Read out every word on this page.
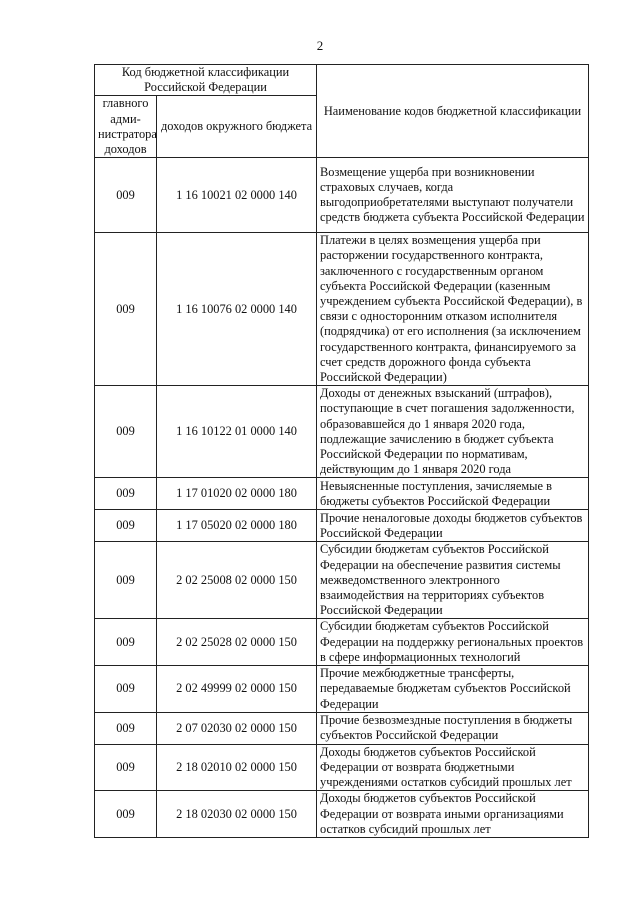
2
Код бюджетной классификации Российской Федерации		Наименование кодов бюджетной классификации
главного адми-нистратора доходов	доходов окружного бюджета	
009	1 16 10021 02 0000 140	Возмещение ущерба при возникновении страховых случаев, когда выгодоприобретателями выступают получатели средств бюджета субъекта Российской Федерации
009	1 16 10076 02 0000 140	Платежи в целях возмещения ущерба при расторжении государственного контракта, заключенного с государственным органом субъекта Российской Федерации (казенным учреждением субъекта Российской Федерации), в связи с односторонним отказом исполнителя (подрядчика) от его исполнения (за исключением государственного контракта, финансируемого за счет средств дорожного фонда субъекта Российской Федерации)
009	1 16 10122 01 0000 140	Доходы от денежных взысканий (штрафов), поступающие в счет погашения задолженности, образовавшейся до 1 января 2020 года, подлежащие зачислению в бюджет субъекта Российской Федерации по нормативам, действующим до 1 января 2020 года
009	1 17 01020 02 0000 180	Невыясненные поступления, зачисляемые в бюджеты субъектов Российской Федерации
009	1 17 05020 02 0000 180	Прочие неналоговые доходы бюджетов субъектов Российской Федерации
009	2 02 25008 02 0000 150	Субсидии бюджетам субъектов Российской Федерации на обеспечение развития системы межведомственного электронного взаимодействия на территориях субъектов Российской Федерации
009	2 02 25028 02 0000 150	Субсидии бюджетам субъектов Российской Федерации на поддержку региональных проектов в сфере информационных технологий
009	2 02 49999 02 0000 150	Прочие межбюджетные трансферты, передаваемые бюджетам субъектов Российской Федерации
009	2 07 02030 02 0000 150	Прочие безвозмездные поступления в бюджеты субъектов Российской Федерации
009	2 18 02010 02 0000 150	Доходы бюджетов субъектов Российской Федерации от возврата бюджетными учреждениями остатков субсидий прошлых лет
009	2 18 02030 02 0000 150	Доходы бюджетов субъектов Российской Федерации от возврата иными организациями остатков субсидий прошлых лет
